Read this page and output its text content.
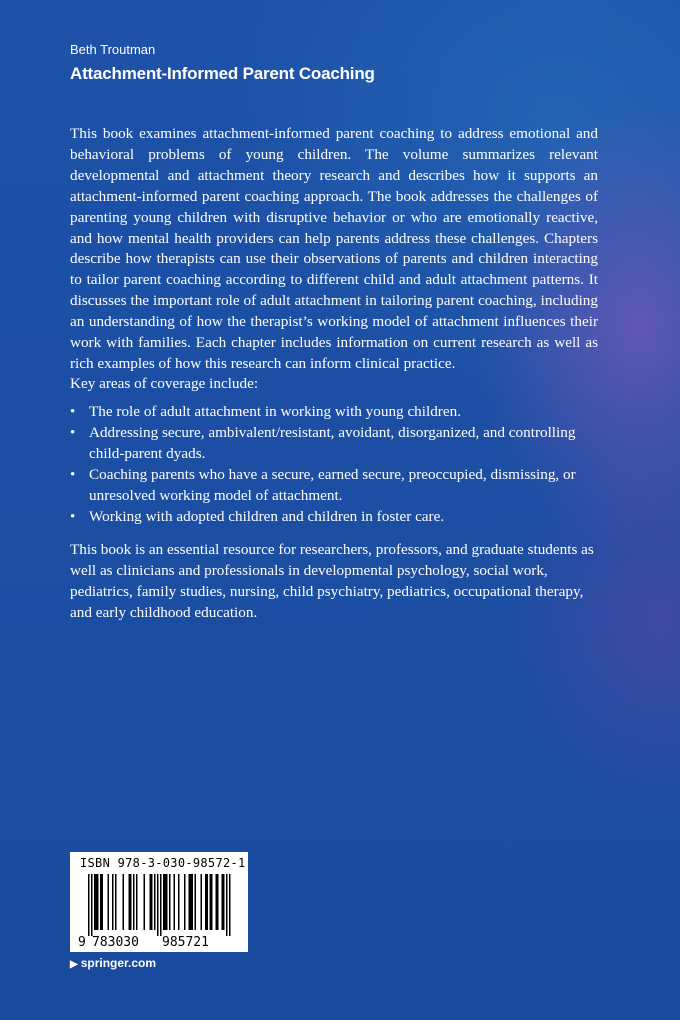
Beth Troutman
Attachment-Informed Parent Coaching
This book examines attachment-informed parent coaching to address emotional and behavioral problems of young children. The volume summarizes relevant developmental and attachment theory research and describes how it supports an attachment-informed parent coaching approach. The book addresses the challenges of parenting young children with disruptive behavior or who are emotionally reactive, and how mental health providers can help parents address these challenges. Chapters describe how therapists can use their observations of parents and children interacting to tailor parent coaching according to different child and adult attachment patterns. It discusses the important role of adult attachment in tailoring parent coaching, including an understanding of how the therapist’s working model of attachment influences their work with families. Each chapter includes information on current research as well as rich examples of how this research can inform clinical practice.
Key areas of coverage include:
• The role of adult attachment in working with young children.
• Addressing secure, ambivalent/resistant, avoidant, disorganized, and controlling child-parent dyads.
• Coaching parents who have a secure, earned secure, preoccupied, dismissing, or unresolved working model of attachment.
• Working with adopted children and children in foster care.
This book is an essential resource for researchers, professors, and graduate students as well as clinicians and professionals in developmental psychology, social work, pediatrics, family studies, nursing, child psychiatry, pediatrics, occupational therapy, and early childhood education.
ISBN 978-3-030-98572-1
9 783030 985721
▶ springer.com
